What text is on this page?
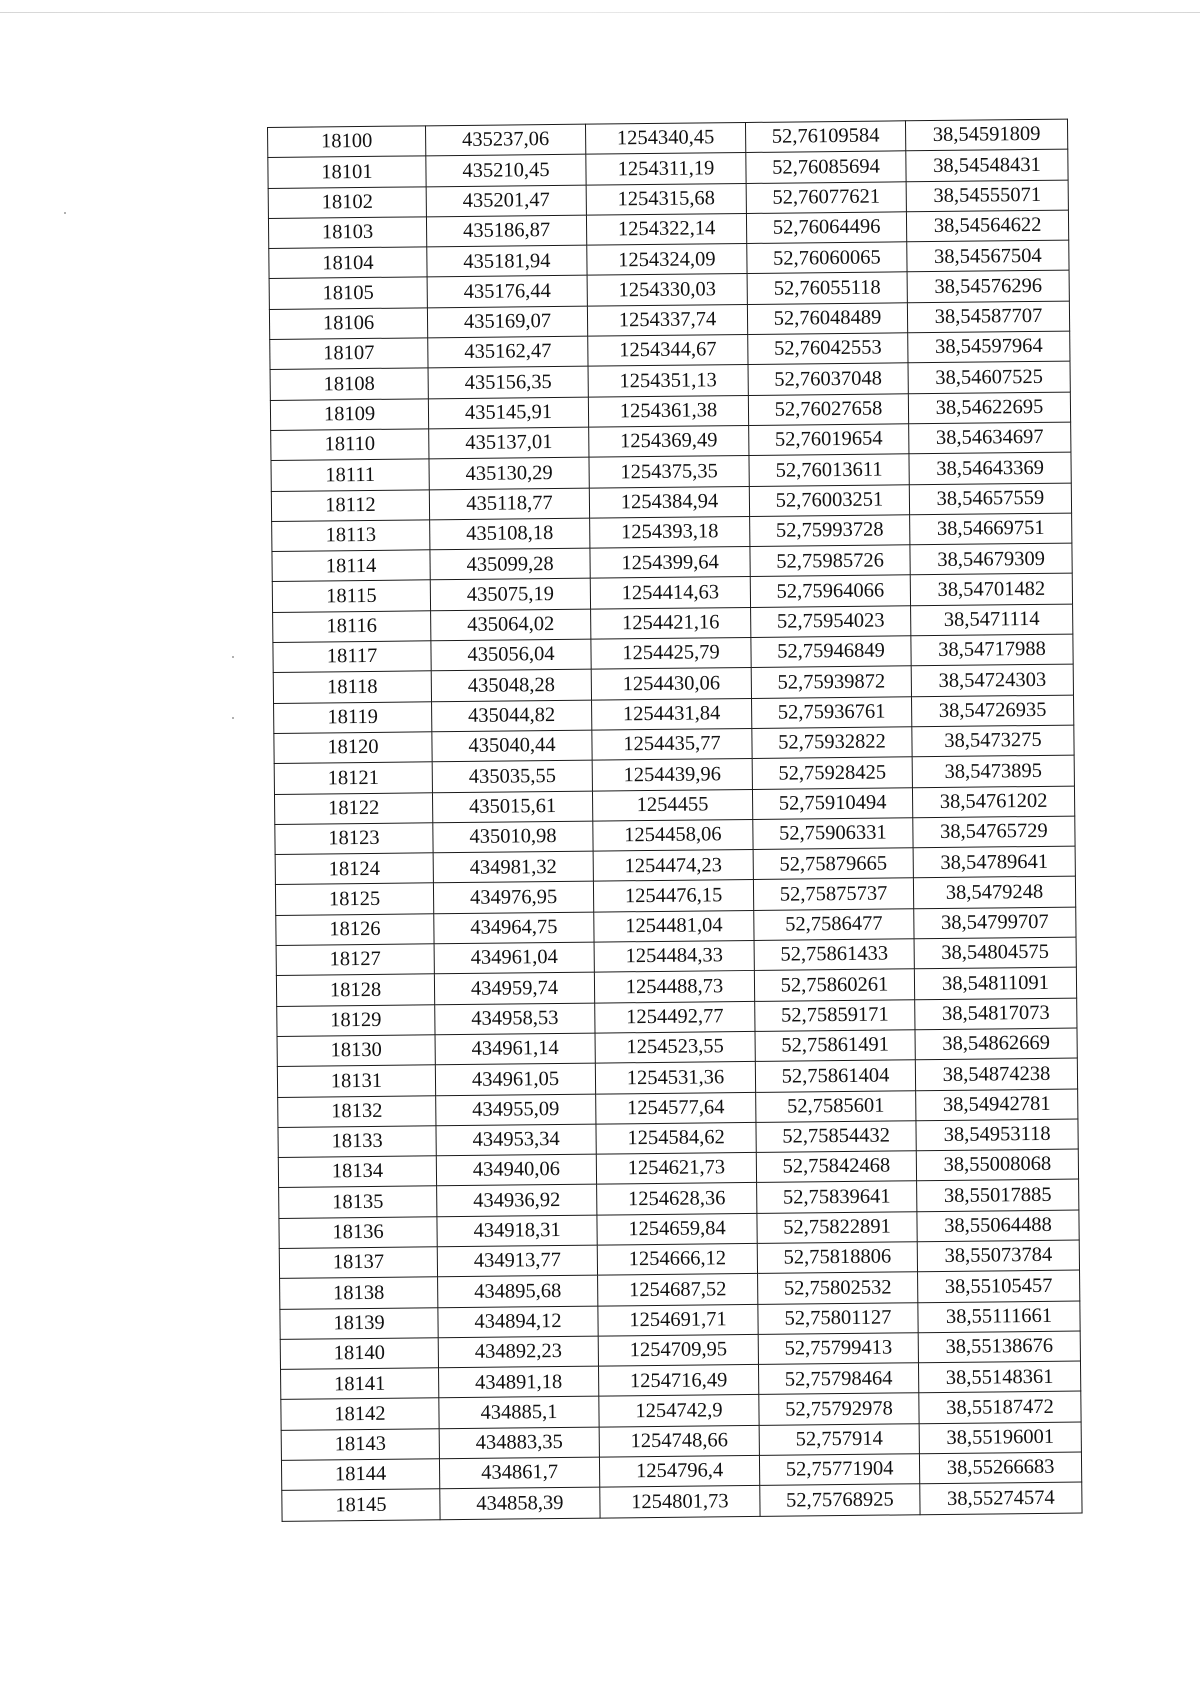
18100	435237,06	1254340,45	52,76109584	38,54591809
18101	435210,45	1254311,19	52,76085694	38,54548431
18102	435201,47	1254315,68	52,76077621	38,54555071
18103	435186,87	1254322,14	52,76064496	38,54564622
18104	435181,94	1254324,09	52,76060065	38,54567504
18105	435176,44	1254330,03	52,76055118	38,54576296
18106	435169,07	1254337,74	52,76048489	38,54587707
18107	435162,47	1254344,67	52,76042553	38,54597964
18108	435156,35	1254351,13	52,76037048	38,54607525
18109	435145,91	1254361,38	52,76027658	38,54622695
18110	435137,01	1254369,49	52,76019654	38,54634697
18111	435130,29	1254375,35	52,76013611	38,54643369
18112	435118,77	1254384,94	52,76003251	38,54657559
18113	435108,18	1254393,18	52,75993728	38,54669751
18114	435099,28	1254399,64	52,75985726	38,54679309
18115	435075,19	1254414,63	52,75964066	38,54701482
18116	435064,02	1254421,16	52,75954023	38,5471114
18117	435056,04	1254425,79	52,75946849	38,54717988
18118	435048,28	1254430,06	52,75939872	38,54724303
18119	435044,82	1254431,84	52,75936761	38,54726935
18120	435040,44	1254435,77	52,75932822	38,5473275
18121	435035,55	1254439,96	52,75928425	38,5473895
18122	435015,61	1254455	52,75910494	38,54761202
18123	435010,98	1254458,06	52,75906331	38,54765729
18124	434981,32	1254474,23	52,75879665	38,54789641
18125	434976,95	1254476,15	52,75875737	38,5479248
18126	434964,75	1254481,04	52,7586477	38,54799707
18127	434961,04	1254484,33	52,75861433	38,54804575
18128	434959,74	1254488,73	52,75860261	38,54811091
18129	434958,53	1254492,77	52,75859171	38,54817073
18130	434961,14	1254523,55	52,75861491	38,54862669
18131	434961,05	1254531,36	52,75861404	38,54874238
18132	434955,09	1254577,64	52,7585601	38,54942781
18133	434953,34	1254584,62	52,75854432	38,54953118
18134	434940,06	1254621,73	52,75842468	38,55008068
18135	434936,92	1254628,36	52,75839641	38,55017885
18136	434918,31	1254659,84	52,75822891	38,55064488
18137	434913,77	1254666,12	52,75818806	38,55073784
18138	434895,68	1254687,52	52,75802532	38,55105457
18139	434894,12	1254691,71	52,75801127	38,55111661
18140	434892,23	1254709,95	52,75799413	38,55138676
18141	434891,18	1254716,49	52,75798464	38,55148361
18142	434885,1	1254742,9	52,75792978	38,55187472
18143	434883,35	1254748,66	52,757914	38,55196001
18144	434861,7	1254796,4	52,75771904	38,55266683
18145	434858,39	1254801,73	52,75768925	38,55274574
